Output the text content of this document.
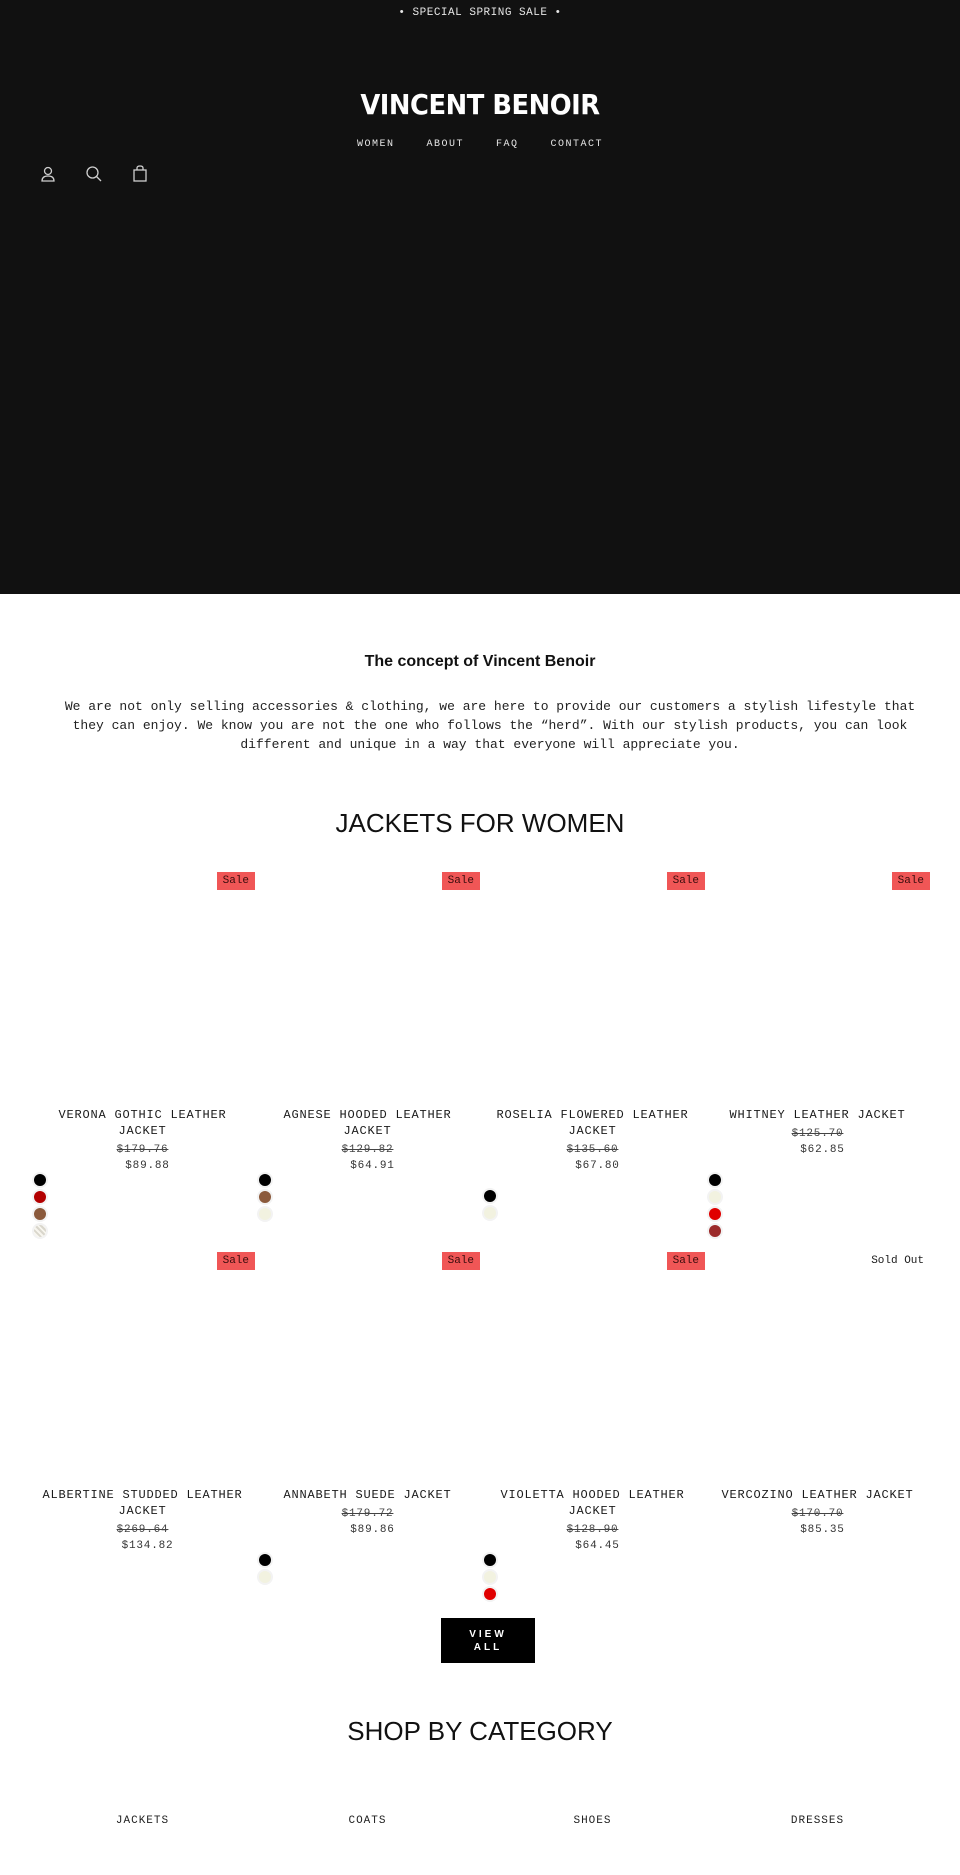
• SPECIAL SPRING SALE •
VINCENT BENOIR
WOMEN	ABOUT	FAQ	CONTACT
The concept of Vincent Benoir

We are not only selling accessories & clothing, we are here to provide our customers a stylish lifestyle that they can enjoy. We know you are not the one who follows the “herd”. With our stylish products, you can look different and unique in a way that everyone will appreciate you.

JACKETS FOR WOMEN
Sale
VERONA GOTHIC LEATHER JACKET
$179.76
$89.88
Sale
AGNESE HOODED LEATHER JACKET
$129.82
$64.91
Sale
ROSELIA FLOWERED LEATHER JACKET
$135.60
$67.80
Sale
WHITNEY LEATHER JACKET
$125.70
$62.85
Sale
ALBERTINE STUDDED LEATHER JACKET
$269.64
$134.82
Sale
ANNABETH SUEDE JACKET
$179.72
$89.86
Sale
VIOLETTA HOODED LEATHER JACKET
$128.90
$64.45
Sold Out
VERCOZINO LEATHER JACKET
$170.70
$85.35
VIEW
ALL
SHOP BY CATEGORY
JACKETS	COATS	SHOES	DRESSES
